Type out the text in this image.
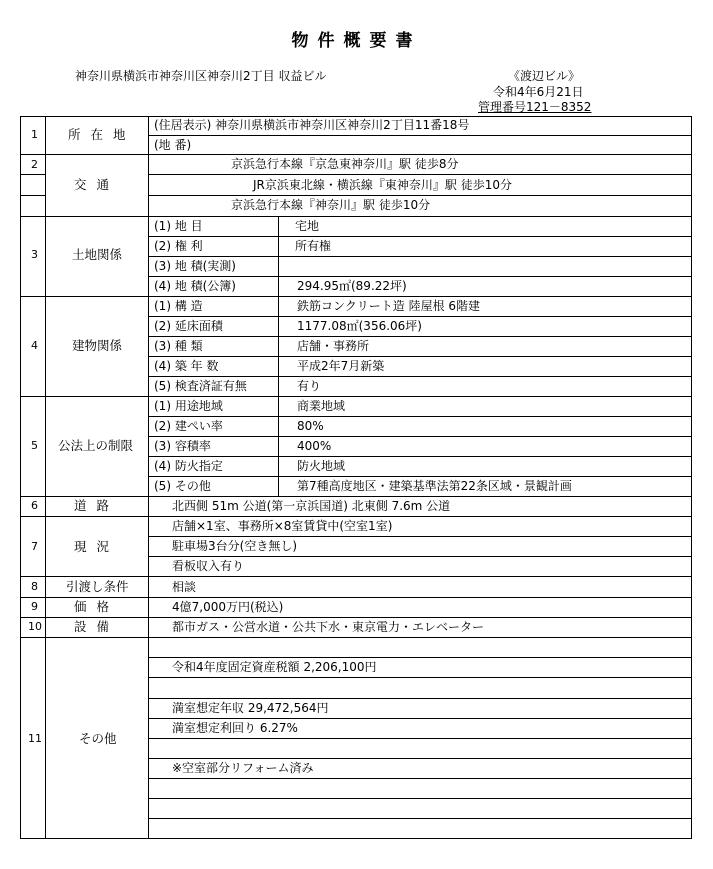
物件概要書
神奈川県横浜市神奈川区神奈川2丁目 収益ビル	《渡辺ビル》
令和4年6月21日
管理番号121－8352
1 所在地
(住居表示) 神奈川県横浜市神奈川区神奈川2丁目11番18号
(地 番)
2
交通
京浜急行本線『京急東神奈川』駅 徒歩8分
JR京浜東北線・横浜線『東神奈川』駅 徒歩10分
京浜急行本線『神奈川』駅 徒歩10分
3	土地関係
(1) 地 目	宅地
(2) 権 利	所有権
(3) 地 積(実測)
(4) 地 積(公簿)	294.95㎡(89.22坪)
4	建物関係
(1) 構 造	鉄筋コンクリート造 陸屋根 6階建
(2) 延床面積	1177.08㎡(356.06坪)
(3) 種 類	店舗・事務所
(4) 築 年 数	平成2年7月新築
(5) 検査済証有無	有り
5 公法上の制限
(1) 用途地域	商業地域
(2) 建ぺい率	80%
(3) 容積率	400%
(4) 防火指定	防火地域
(5) その他	第7種高度地区・建築基準法第22条区域・景観計画
6	道路	北西側 51m 公道(第一京浜国道) 北東側 7.6m 公道
7	現況
店舗×1室、事務所×8室賃貸中(空室1室)
駐車場3台分(空き無し)
看板収入有り
8 引渡し条件	相談
9	価格	4億7,000万円(税込)
10	設備	都市ガス・公営水道・公共下水・東京電力・エレベーター
11	その他
令和4年度固定資産税額 2,206,100円
満室想定年収 29,472,564円
満室想定利回り 6.27%
※空室部分リフォーム済み
